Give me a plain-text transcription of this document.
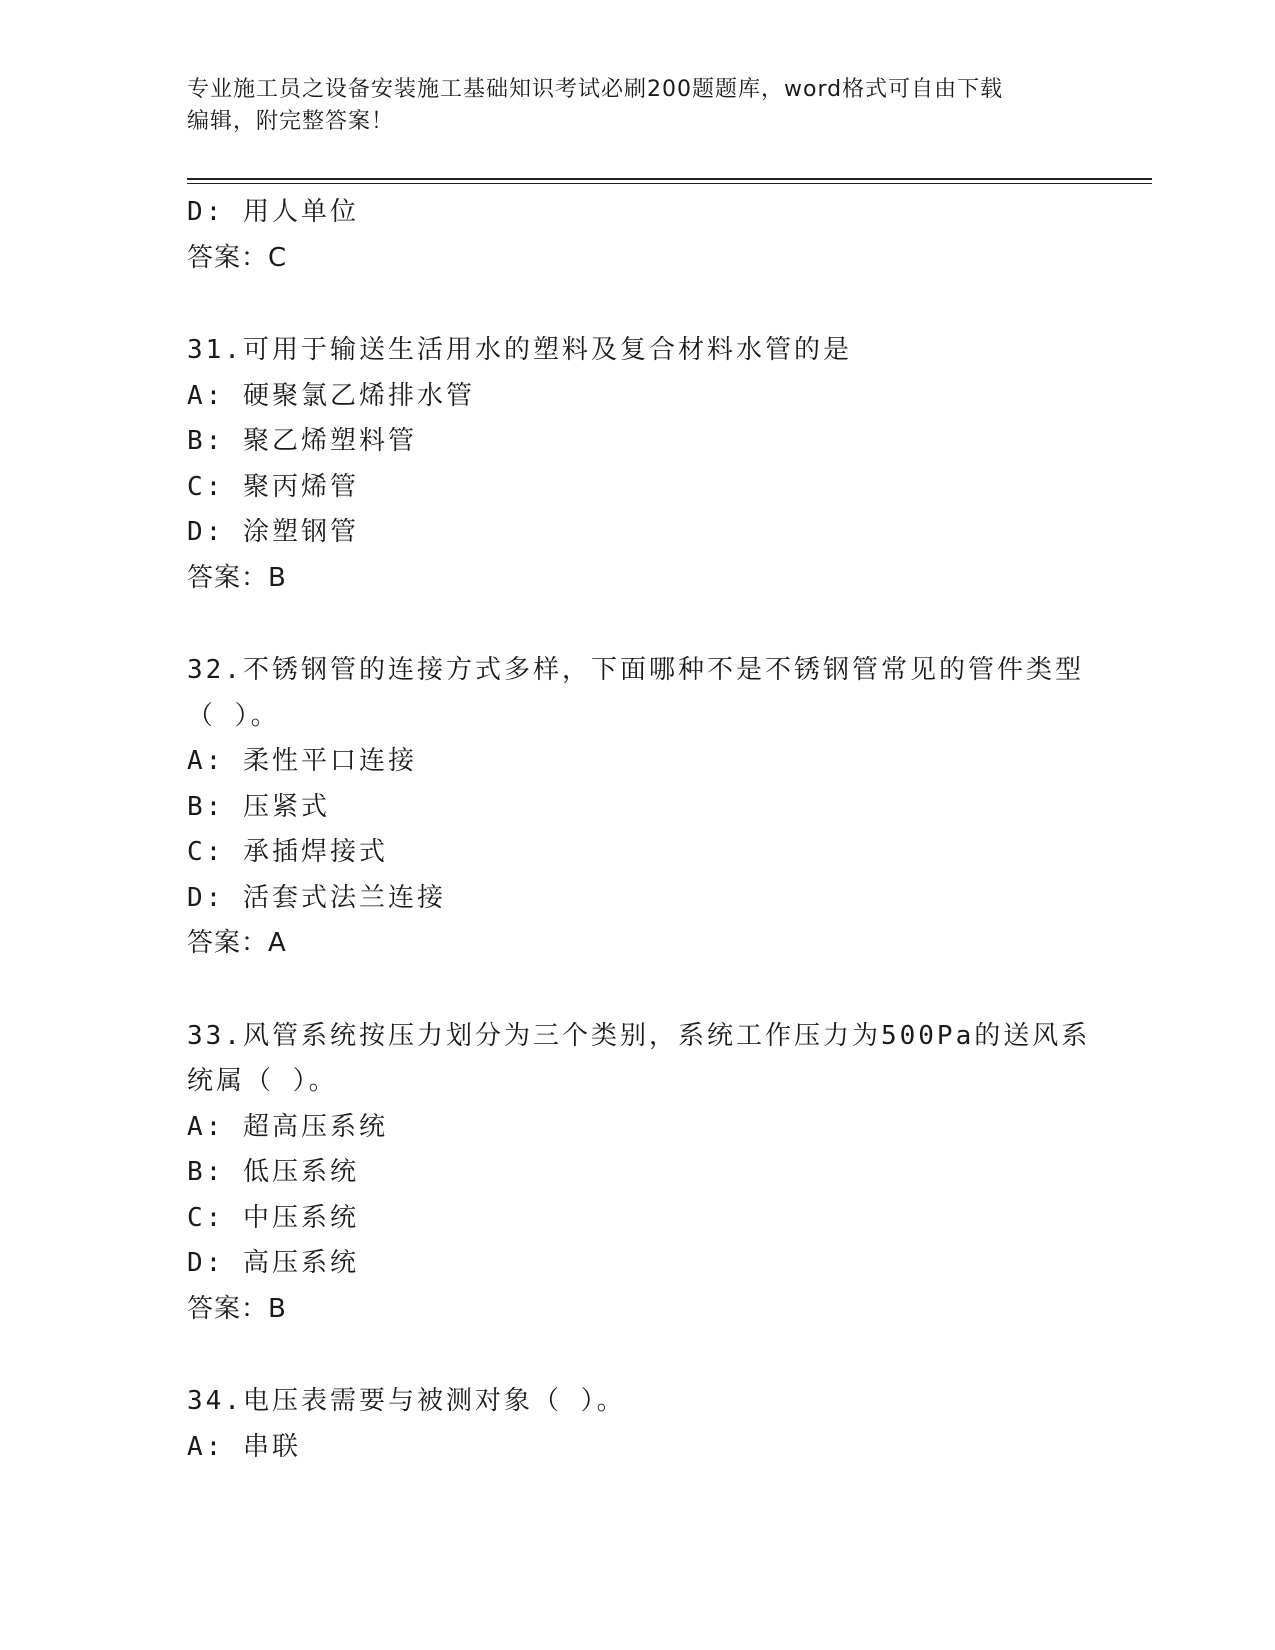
专业施工员之设备安装施工基础知识考试必刷200题题库，word格式可自由下载
编辑，附完整答案！
D: 用人单位
答案：C
31.可用于输送生活用水的塑料及复合材料水管的是
A: 硬聚氯乙烯排水管
B: 聚乙烯塑料管
C: 聚丙烯管
D: 涂塑钢管
答案：B
32.不锈钢管的连接方式多样，下面哪种不是不锈钢管常见的管件类型
（ ）。
A: 柔性平口连接
B: 压紧式
C: 承插焊接式
D: 活套式法兰连接
答案：A
33.风管系统按压力划分为三个类别，系统工作压力为500Pa的送风系
统属（ ）。
A: 超高压系统
B: 低压系统
C: 中压系统
D: 高压系统
答案：B
34.电压表需要与被测对象（ ）。
A: 串联
